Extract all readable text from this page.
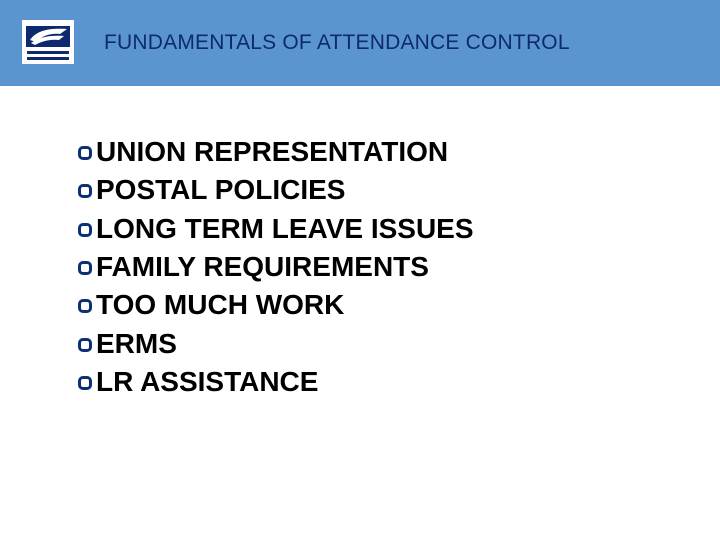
FUNDAMENTALS OF ATTENDANCE CONTROL
UNION REPRESENTATION
POSTAL POLICIES
LONG TERM LEAVE ISSUES
FAMILY REQUIREMENTS
TOO MUCH WORK
ERMS
LR ASSISTANCE
